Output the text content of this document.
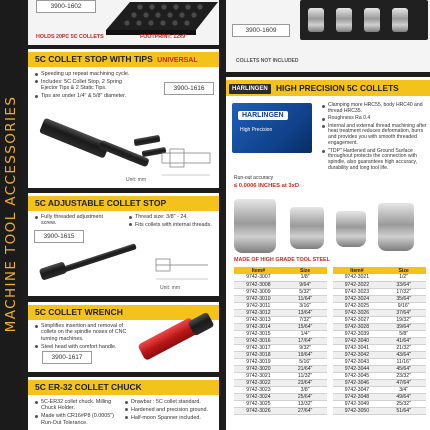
MACHINE TOOL ACCESSORIES
3900-1602
HOLDS 20PC 5C COLLETS	FOOTPRINT: 12x9"
5C COLLET STOP WITH TIPS UNIVERSAL
Speeding up repeat machining cycle.
Includes: 5C Collet Stop, 2 Spring Ejector Tips & 2 Static Tips.
Tips are under 1/4" & 5/8" diameter.
3900-1616
Unit: mm
5C ADJUSTABLE COLLET STOP
Fully threaded adjustment screw.
Thread size: 3/8" - 24.
Fits collets with internal threads.
3900-1615
Unit: mm
5C COLLET WRENCH
Simplifies insertion and removal of collets on the spindle noses of CNC turning machines.
Steel head with comfort handle.
3900-1617
5C ER-32 COLLET CHUCK
5C-ER32 collet chuck. Milling Chuck Holder.
Made with CR16#P8 (0.0005") Run-Out Tolerance.
Drawbar : 5C collet standard.
Hardened and precision ground.
Half-moon Spanner included.
3900-1609
COLLETS NOT INCLUDED
HARLINGEN HIGH PRECISION 5C COLLETS
HARLINGEN
High Precision
Clamping more HRC55, body HRC40 and thread HRC35.
Roughness Ra 0.4
Internal and external thread machining after heat treatment reduces deformation, burrs and provides you with smooth threaded engagement.
"TDP" Hardened and Ground Surface throughout protects the connection with spindle, also guarantees high accuracy, durability and long tool life.
Run-out accuracy
≤ 0.0006 INCHES at 3xD
MADE OF HIGH GRADE TOOL STEEL
Item#	Size		Item#	Size
9742-3007	1/8"		9742-3021	1/2"
9742-3008	9/64"		9742-3022	33/64"
9742-3009	5/32"		9742-3023	17/32"
9742-3010	11/64"		9742-3024	35/64"
9742-3011	3/16"		9742-3025	9/16"
9742-3012	13/64"		9742-3026	37/64"
9742-3013	7/32"		9742-3027	19/32"
9742-3014	15/64"		9742-3028	39/64"
9742-3015	1/4"		9742-3039	5/8"
9742-3016	17/64"		9742-3040	41/64"
9742-3017	9/32"		9742-3041	21/32"
9742-3018	19/64"		9742-3042	43/64"
9742-3019	5/16"		9742-3043	11/16"
9742-3020	21/64"		9742-3044	45/64"
9742-3021	11/32"		9742-3045	23/32"
9742-3022	23/64"		9742-3046	47/64"
9742-3023	3/8"		9742-3047	3/4"
9742-3024	25/64"		9742-3048	49/64"
9742-3025	13/32"		9742-3049	25/32"
9742-3026	27/64"		9742-3050	51/64"
